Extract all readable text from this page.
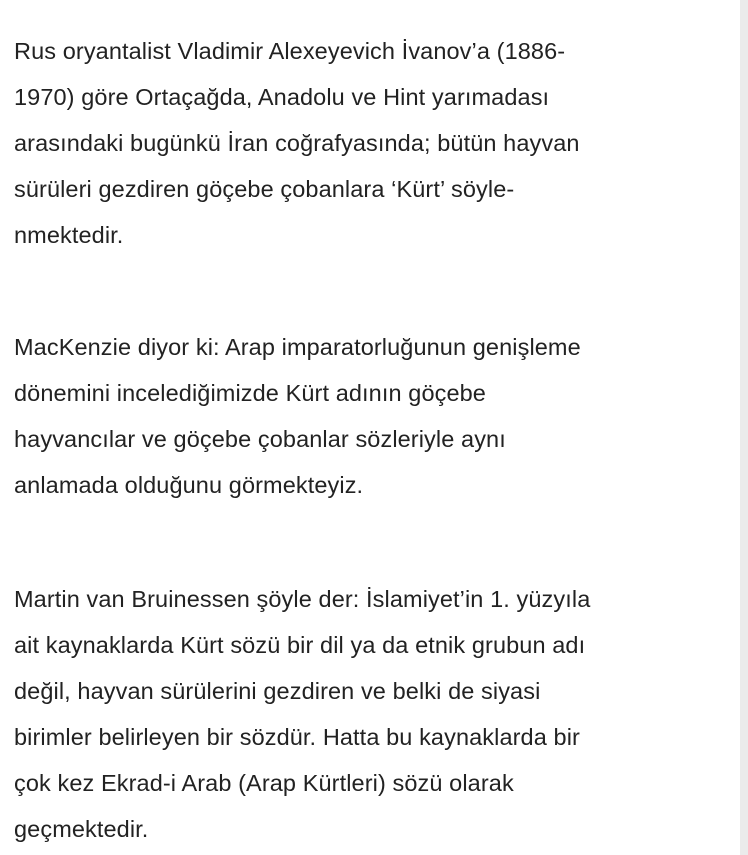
Rus oryantalist Vladimir Alexeyevich İvanov’a (1886-
1970) göre Ortaçağda, Anadolu ve Hint yarımadası
arasındaki bugünkü İran coğrafyasında; bütün hayvan
sürüleri gezdiren göçebe çobanlara ‘Kürt’ söyle-
nmektedir.

MacKenzie diyor ki: Arap imparatorluğunun genişleme
dönemini incelediğimizde Kürt adının göçebe
hayvancılar ve göçebe çobanlar sözleriyle aynı
anlamada olduğunu görmekteyiz.

Martin van Bruinessen şöyle der: İslamiyet’in 1. yüzyıla
ait kaynaklarda Kürt sözü bir dil ya da etnik grubun adı
değil, hayvan sürülerini gezdiren ve belki de siyasi
birimler belirleyen bir sözdür. Hatta bu kaynaklarda bir
çok kez Ekrad-i Arab (Arap Kürtleri) sözü olarak
geçmektedir.
